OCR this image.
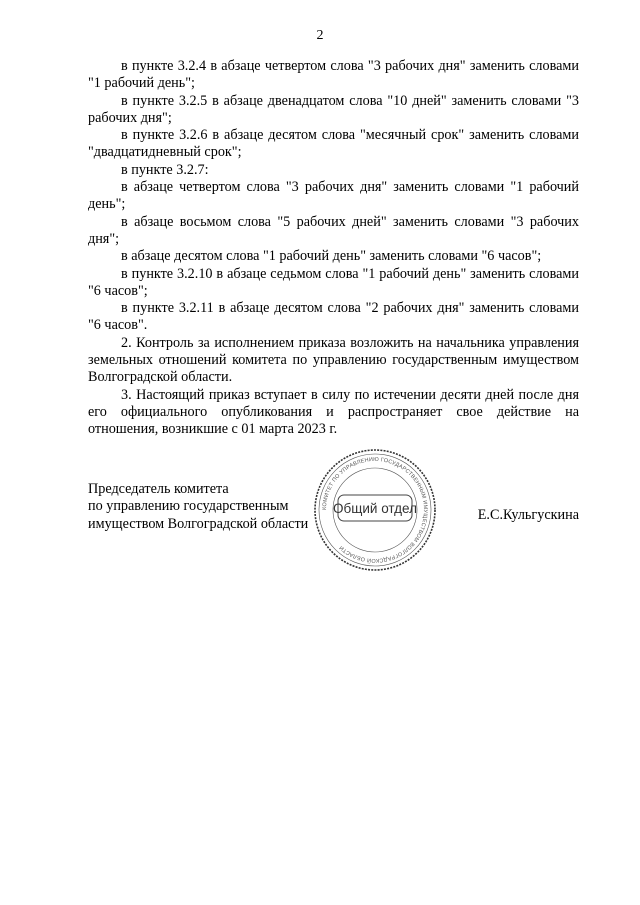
2

в пункте 3.2.4 в абзаце четвертом слова "3 рабочих дня" заменить словами "1 рабочий день";

в пункте 3.2.5 в абзаце двенадцатом слова "10 дней" заменить словами "3 рабочих дня";

в пункте 3.2.6 в абзаце десятом слова "месячный срок" заменить словами "двадцатидневный срок";

в пункте 3.2.7:

в абзаце четвертом слова "3 рабочих дня" заменить словами "1 рабочий день";

в абзаце восьмом слова "5 рабочих дней" заменить словами "3 рабочих дня";

в абзаце десятом слова "1 рабочий день" заменить словами "6 часов";

в пункте 3.2.10 в абзаце седьмом слова "1 рабочий день" заменить словами "6 часов";

в пункте 3.2.11 в абзаце десятом слова "2 рабочих дня" заменить словами "6 часов".

2. Контроль за исполнением приказа возложить на начальника управления земельных отношений комитета по управлению государственным имуществом Волгоградской области.

3. Настоящий приказ вступает в силу по истечении десяти дней после дня его официального опубликования и распространяет свое действие на отношения, возникшие с 01 марта 2023 г.

Председатель комитета
по управлению государственным
имуществом Волгоградской области
Е.С.Кульгускина
КОМИТЕТ ПО УПРАВЛЕНИЮ ГОСУДАРСТВЕННЫМ ИМУЩЕСТВОМ ВОЛГОГРАДСКОЙ ОБЛАСТИ
Общий отдел
